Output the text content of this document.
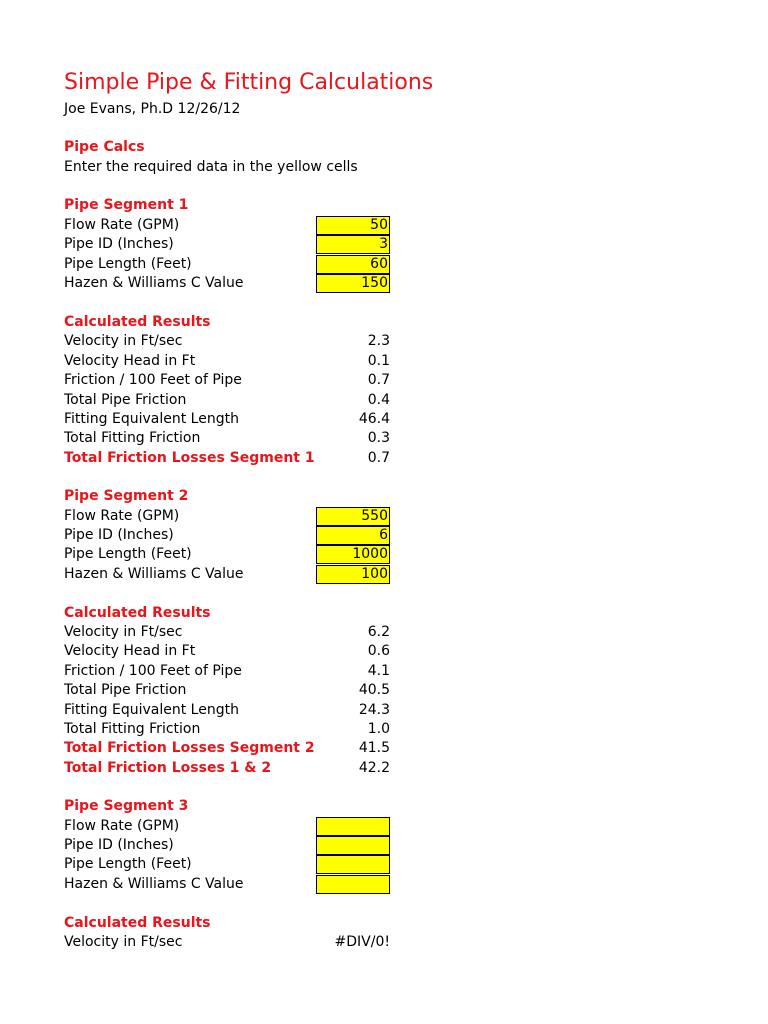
Simple Pipe & Fitting Calculations
Joe Evans, Ph.D 12/26/12
Pipe Calcs
Enter the required data in the yellow cells
Pipe Segment 1
Flow Rate (GPM)	50
Pipe ID (Inches)	3
Pipe Length (Feet)	60
Hazen & Williams C Value	150
Calculated Results
Velocity in Ft/sec	2.3
Velocity Head in Ft	0.1
Friction / 100 Feet of Pipe	0.7
Total Pipe Friction	0.4
Fitting Equivalent Length	46.4
Total Fitting Friction	0.3
Total Friction Losses Segment 1	0.7
Pipe Segment 2
Flow Rate (GPM)	550
Pipe ID (Inches)	6
Pipe Length (Feet)	1000
Hazen & Williams C Value	100
Calculated Results
Velocity in Ft/sec	6.2
Velocity Head in Ft	0.6
Friction / 100 Feet of Pipe	4.1
Total Pipe Friction	40.5
Fitting Equivalent Length	24.3
Total Fitting Friction	1.0
Total Friction Losses Segment 2	41.5
Total Friction Losses 1 & 2	42.2
Pipe Segment 3
Flow Rate (GPM)
Pipe ID (Inches)
Pipe Length (Feet)
Hazen & Williams C Value
Calculated Results
Velocity in Ft/sec	#DIV/0!
